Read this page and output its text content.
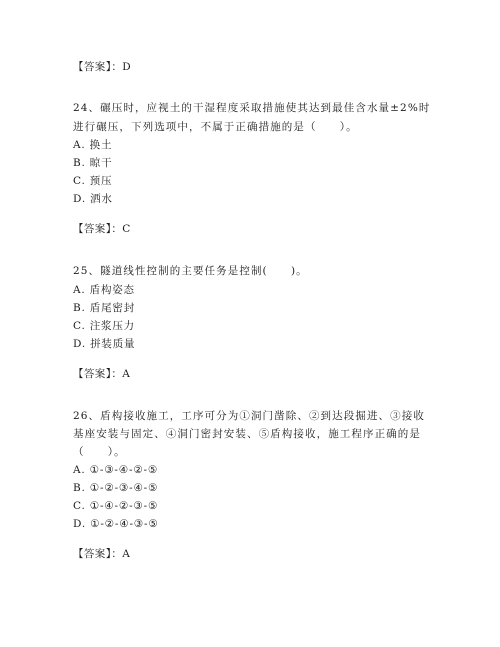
【答案】：D
24、碾压时，应视土的干湿程度采取措施使其达到最佳含水量±2%时
进行碾压，下列选项中，不属于正确措施的是（　　）。
A. 换土
B. 晾干
C. 预压
D. 洒水
【答案】：C
25、隧道线性控制的主要任务是控制(　　)。
A. 盾构姿态
B. 盾尾密封
C. 注浆压力
D. 拼装质量
【答案】：A
26、盾构接收施工，工序可分为①洞门凿除、②到达段掘进、③接收
基座安装与固定、④洞门密封安装、⑤盾构接收，施工程序正确的是
（　　）。
A. ①-③-④-②-⑤
B. ①-②-③-④-⑤
C. ①-④-②-③-⑤
D. ①-②-④-③-⑤
【答案】：A
